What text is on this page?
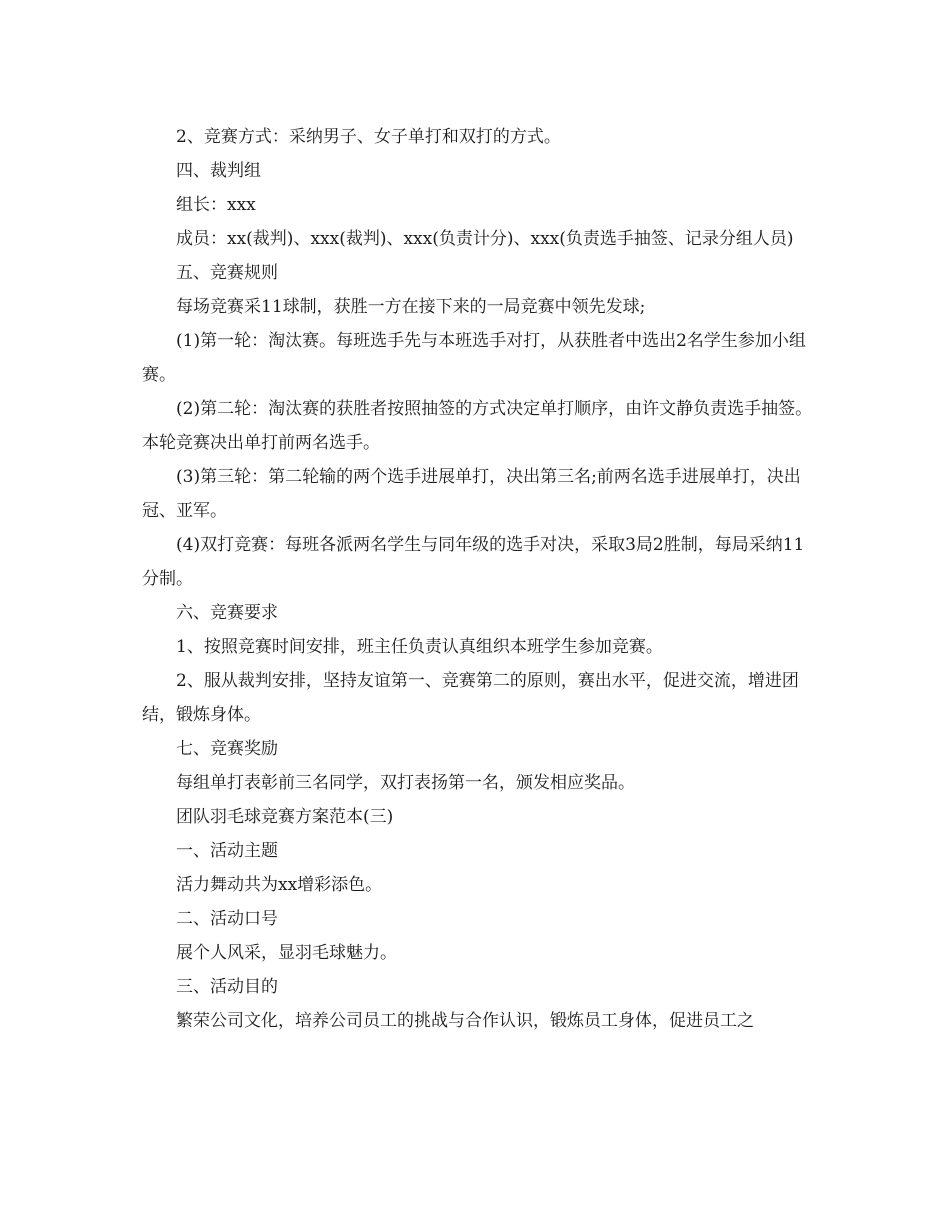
2、竞赛方式：采纳男子、女子单打和双打的方式。

四、裁判组

组长：xxx

成员：xx(裁判)、xxx(裁判)、xxx(负责计分)、xxx(负责选手抽签、记录分组人员)

五、竞赛规则

每场竞赛采11球制，获胜一方在接下来的一局竞赛中领先发球;

(1)第一轮：淘汰赛。每班选手先与本班选手对打，从获胜者中选出2名学生参加小组赛。

(2)第二轮：淘汰赛的获胜者按照抽签的方式决定单打顺序，由许文静负责选手抽签。本轮竞赛决出单打前两名选手。

(3)第三轮：第二轮输的两个选手进展单打，决出第三名;前两名选手进展单打，决出冠、亚军。

(4)双打竞赛：每班各派两名学生与同年级的选手对决，采取3局2胜制，每局采纳11分制。

六、竞赛要求

1、按照竞赛时间安排，班主任负责认真组织本班学生参加竞赛。

2、服从裁判安排，坚持友谊第一、竞赛第二的原则，赛出水平，促进交流，增进团结，锻炼身体。

七、竞赛奖励

每组单打表彰前三名同学，双打表扬第一名，颁发相应奖品。

团队羽毛球竞赛方案范本(三)

一、活动主题

活力舞动共为xx增彩添色。

二、活动口号

展个人风采，显羽毛球魅力。

三、活动目的

繁荣公司文化，培养公司员工的挑战与合作认识，锻炼员工身体，促进员工之
